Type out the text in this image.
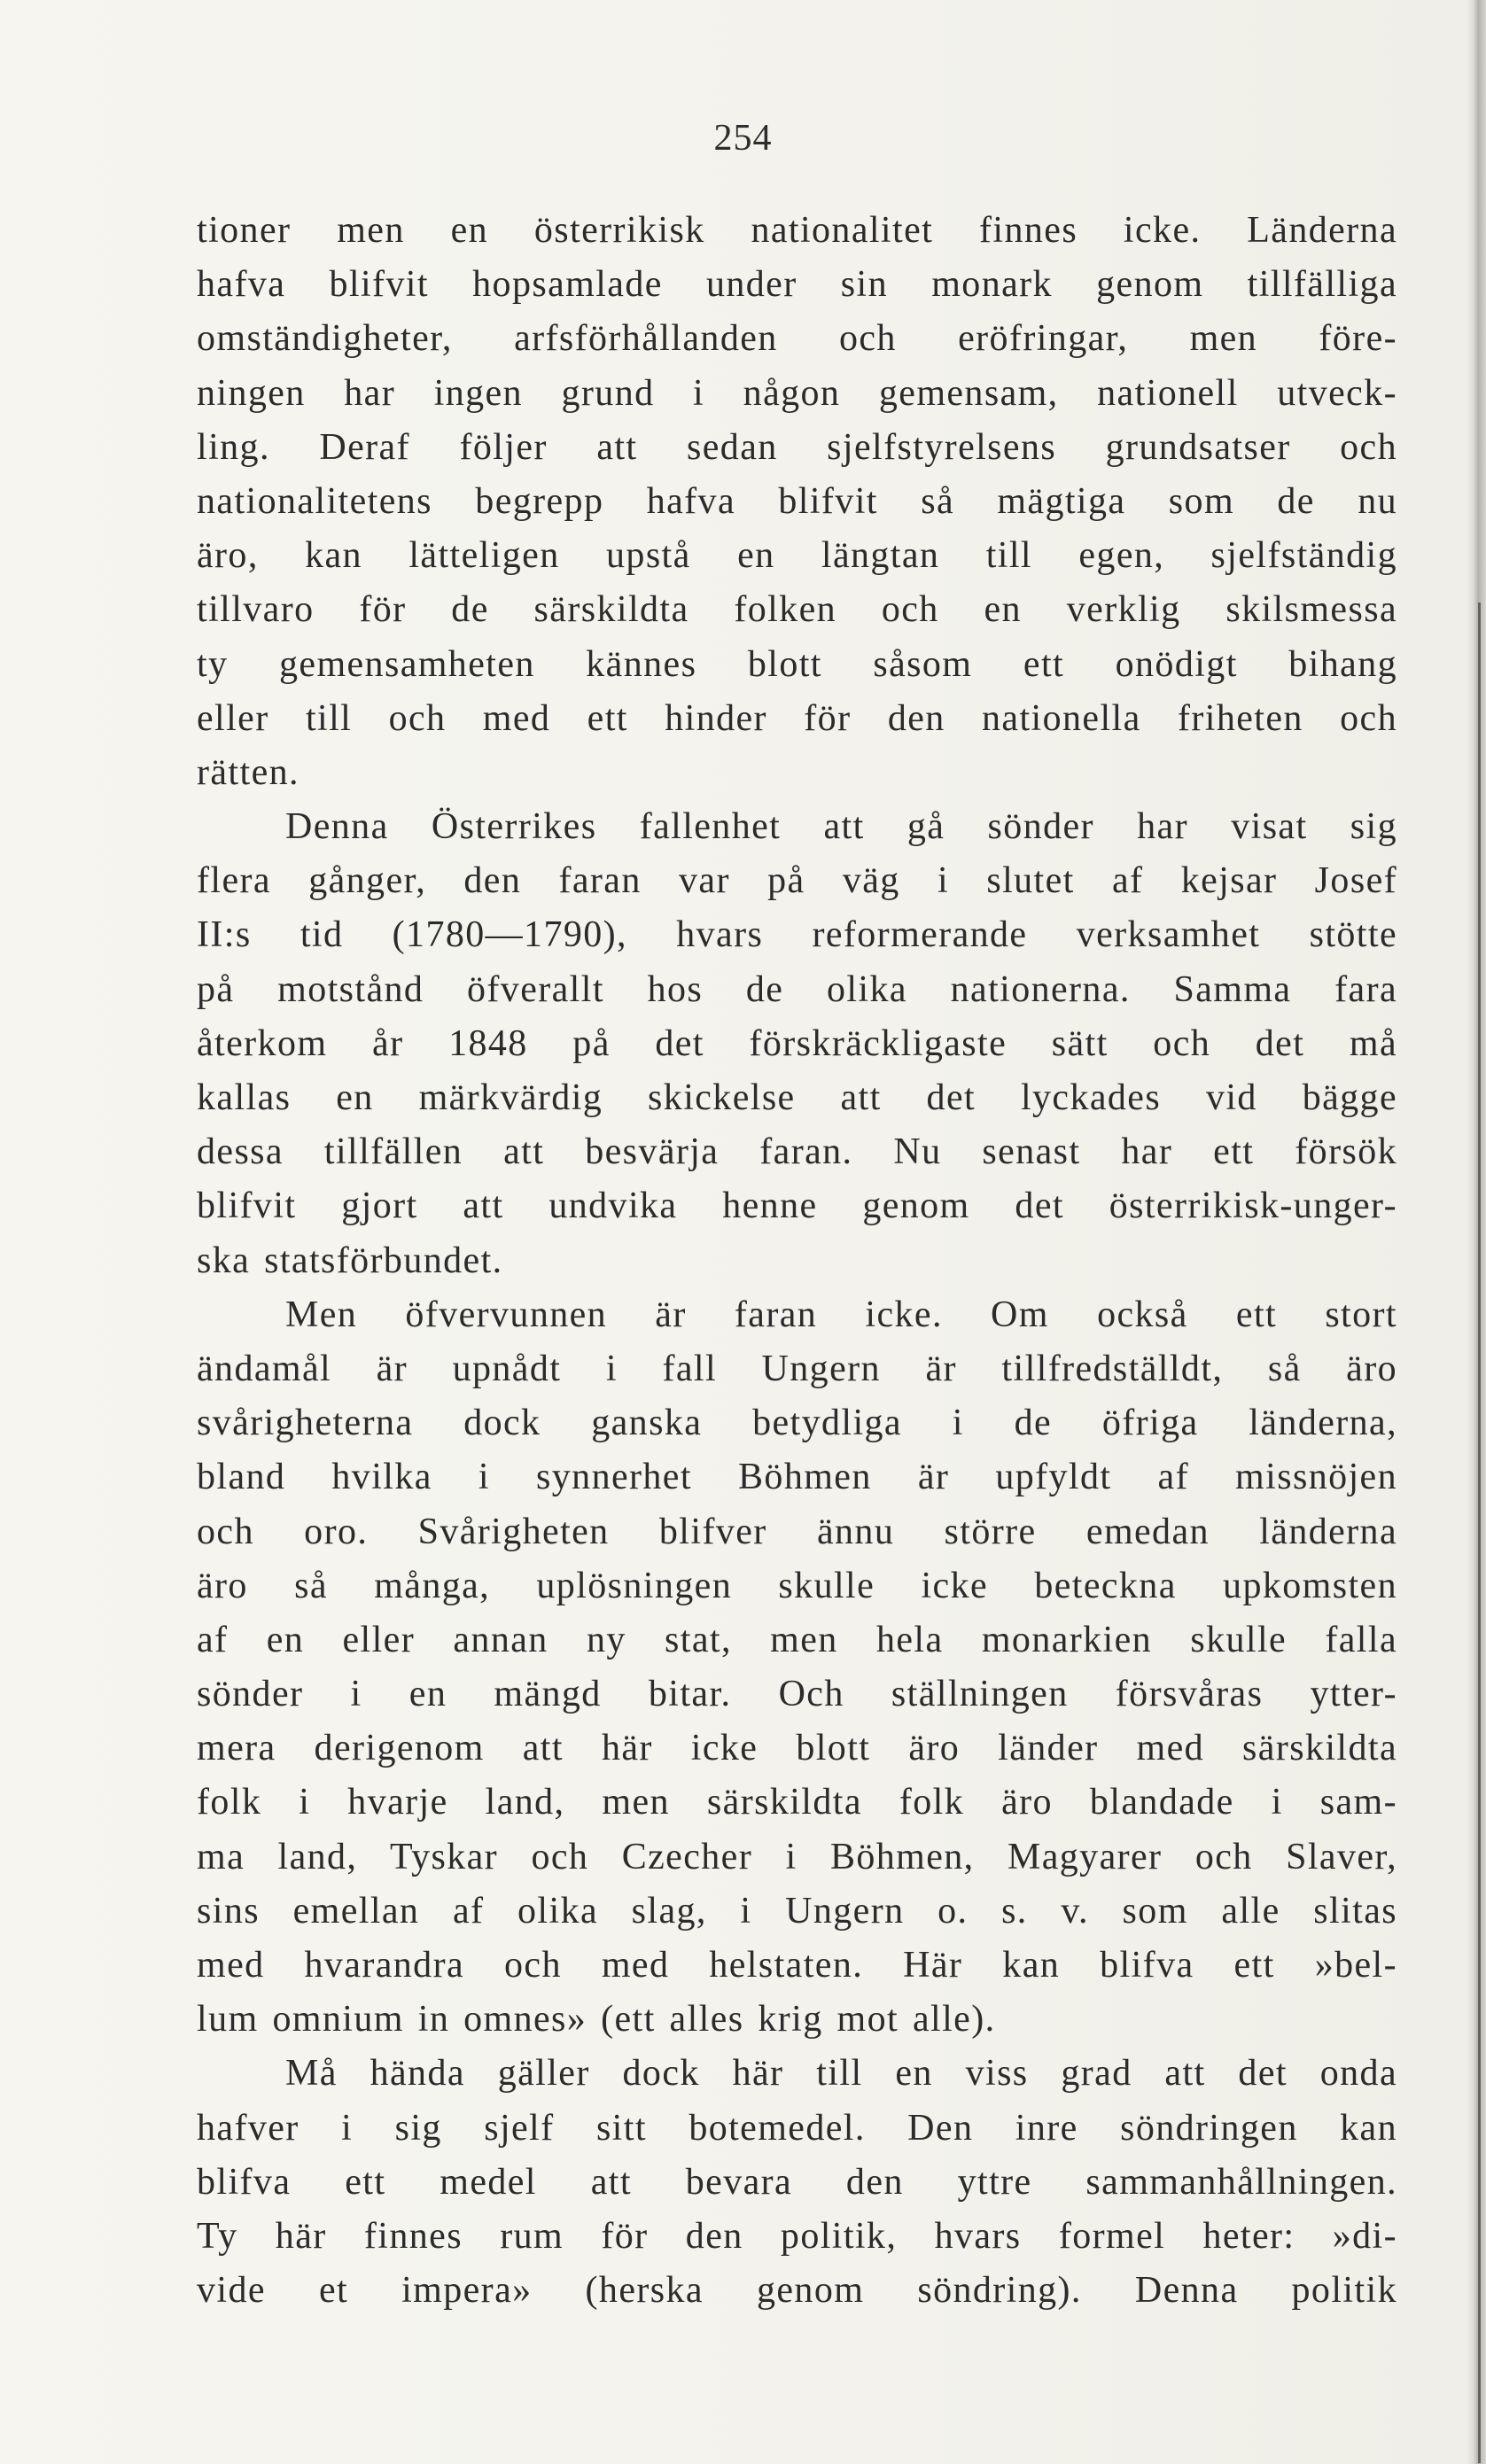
254
tioner men en österrikisk nationalitet finnes icke. Länderna
hafva blifvit hopsamlade under sin monark genom tillfälliga
omständigheter, arfsförhållanden och eröfringar, men före-
ningen har ingen grund i någon gemensam, nationell utveck-
ling. Deraf följer att sedan sjelfstyrelsens grundsatser och
nationalitetens begrepp hafva blifvit så mägtiga som de nu
äro, kan lätteligen upstå en längtan till egen, sjelfständig
tillvaro för de särskildta folken och en verklig skilsmessa
ty gemensamheten kännes blott såsom ett onödigt bihang
eller till och med ett hinder för den nationella friheten och
rätten.
Denna Österrikes fallenhet att gå sönder har visat sig
flera gånger, den faran var på väg i slutet af kejsar Josef
II:s tid (1780—1790), hvars reformerande verksamhet stötte
på motstånd öfverallt hos de olika nationerna. Samma fara
återkom år 1848 på det förskräckligaste sätt och det må
kallas en märkvärdig skickelse att det lyckades vid bägge
dessa tillfällen att besvärja faran. Nu senast har ett försök
blifvit gjort att undvika henne genom det österrikisk-unger-
ska statsförbundet.
Men öfvervunnen är faran icke. Om också ett stort
ändamål är upnådt i fall Ungern är tillfredställdt, så äro
svårigheterna dock ganska betydliga i de öfriga länderna,
bland hvilka i synnerhet Böhmen är upfyldt af missnöjen
och oro. Svårigheten blifver ännu större emedan länderna
äro så många, uplösningen skulle icke beteckna upkomsten
af en eller annan ny stat, men hela monarkien skulle falla
sönder i en mängd bitar. Och ställningen försvåras ytter-
mera derigenom att här icke blott äro länder med särskildta
folk i hvarje land, men särskildta folk äro blandade i sam-
ma land, Tyskar och Czecher i Böhmen, Magyarer och Slaver,
sins emellan af olika slag, i Ungern o. s. v. som alle slitas
med hvarandra och med helstaten. Här kan blifva ett »bel-
lum omnium in omnes» (ett alles krig mot alle).
Må hända gäller dock här till en viss grad att det onda
hafver i sig sjelf sitt botemedel. Den inre söndringen kan
blifva ett medel att bevara den yttre sammanhållningen.
Ty här finnes rum för den politik, hvars formel heter: »di-
vide et impera» (herska genom söndring). Denna politik
